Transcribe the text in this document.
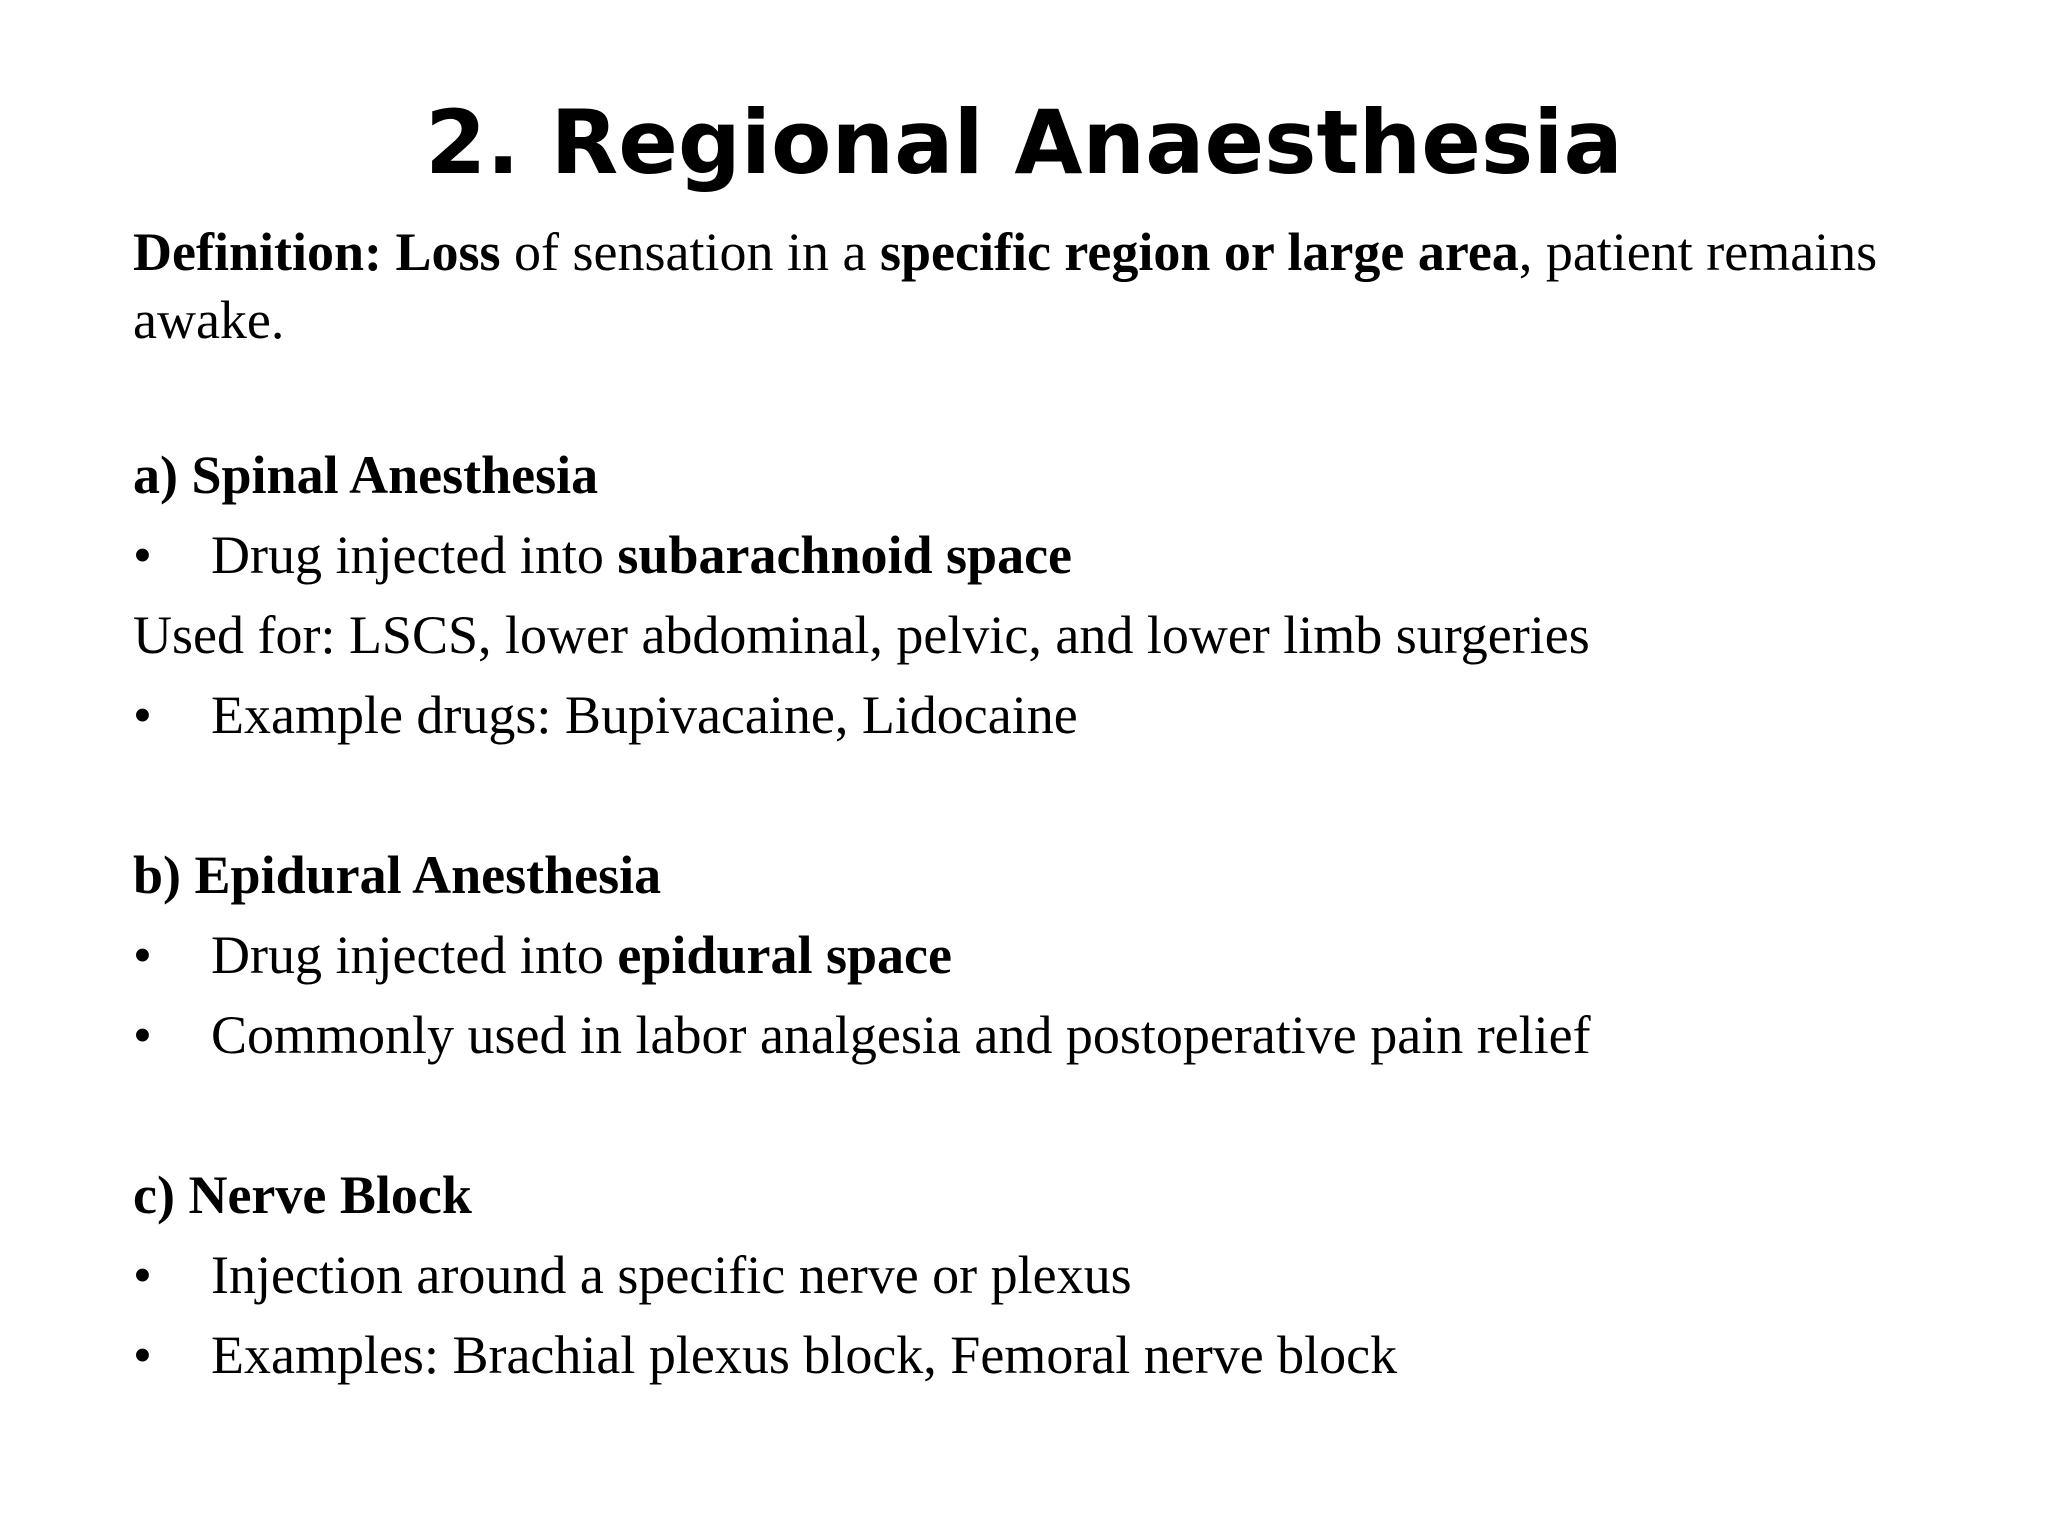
2. Regional Anaesthesia

Definition: Loss of sensation in a specific region or large area, patient remains awake.

a) Spinal Anesthesia

•	Drug injected into subarachnoid space

Used for: LSCS, lower abdominal, pelvic, and lower limb surgeries

•	Example drugs: Bupivacaine, Lidocaine

b) Epidural Anesthesia

•	Drug injected into epidural space
•	Commonly used in labor analgesia and postoperative pain relief

c) Nerve Block

•	Injection around a specific nerve or plexus
•	Examples: Brachial plexus block, Femoral nerve block
